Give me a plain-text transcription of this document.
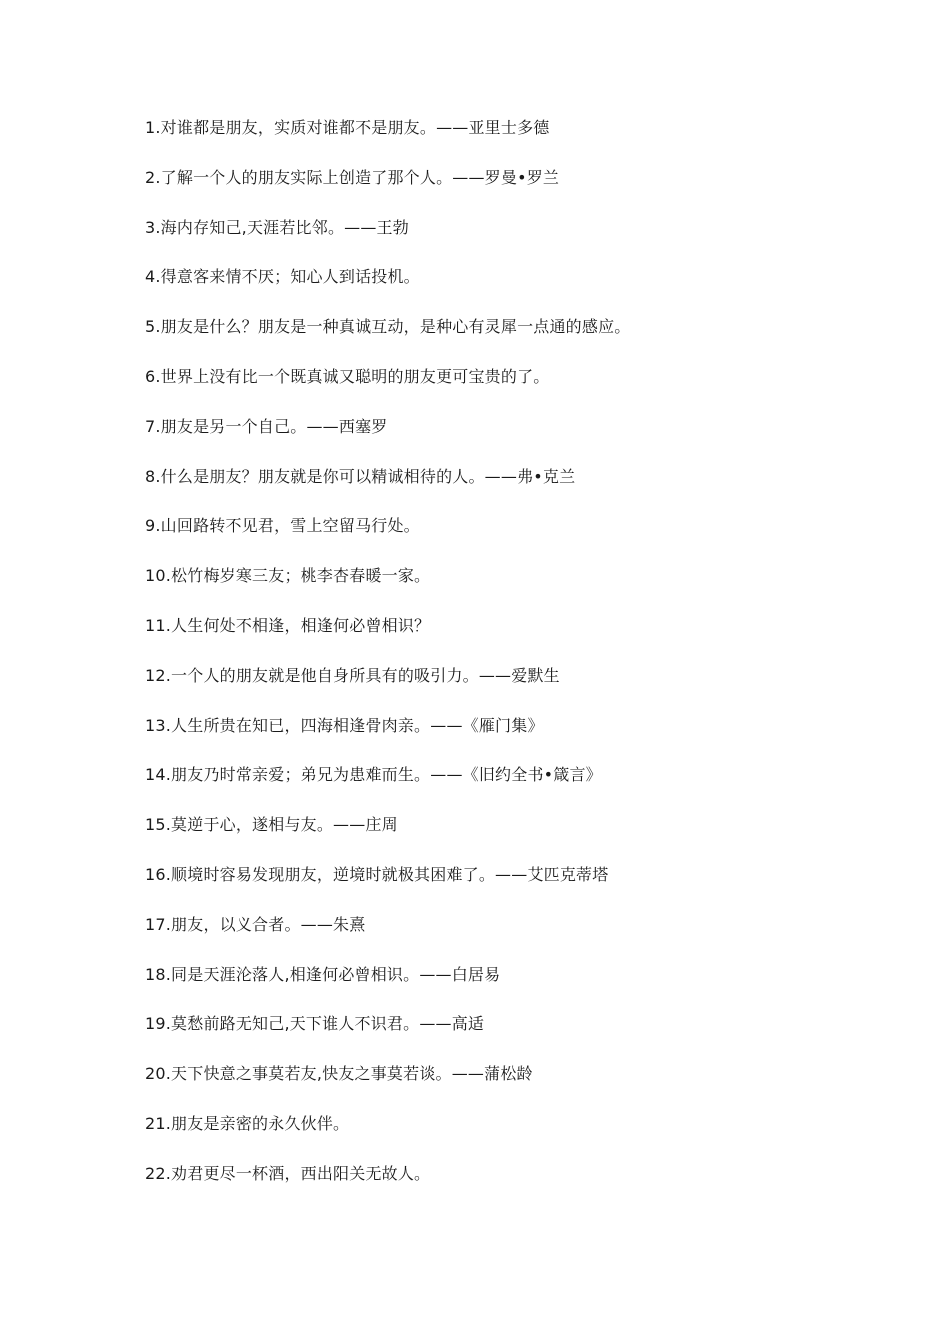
1.对谁都是朋友，实质对谁都不是朋友。——亚里士多德
2.了解一个人的朋友实际上创造了那个人。——罗曼•罗兰
3.海内存知己,天涯若比邻。——王勃
4.得意客来情不厌；知心人到话投机。
5.朋友是什么？朋友是一种真诚互动，是种心有灵犀一点通的感应。
6.世界上没有比一个既真诚又聪明的朋友更可宝贵的了。
7.朋友是另一个自己。——西塞罗
8.什么是朋友？朋友就是你可以精诚相待的人。——弗•克兰
9.山回路转不见君，雪上空留马行处。
10.松竹梅岁寒三友；桃李杏春暖一家。
11.人生何处不相逢，相逢何必曾相识？
12.一个人的朋友就是他自身所具有的吸引力。——爱默生
13.人生所贵在知已，四海相逢骨肉亲。——《雁门集》
14.朋友乃时常亲爱；弟兄为患难而生。——《旧约全书•箴言》
15.莫逆于心，遂相与友。——庄周
16.顺境时容易发现朋友，逆境时就极其困难了。——艾匹克蒂塔
17.朋友，以义合者。——朱熹
18.同是天涯沦落人,相逢何必曾相识。——白居易
19.莫愁前路无知己,天下谁人不识君。——高适
20.天下快意之事莫若友,快友之事莫若谈。——蒲松龄
21.朋友是亲密的永久伙伴。
22.劝君更尽一杯酒，西出阳关无故人。
